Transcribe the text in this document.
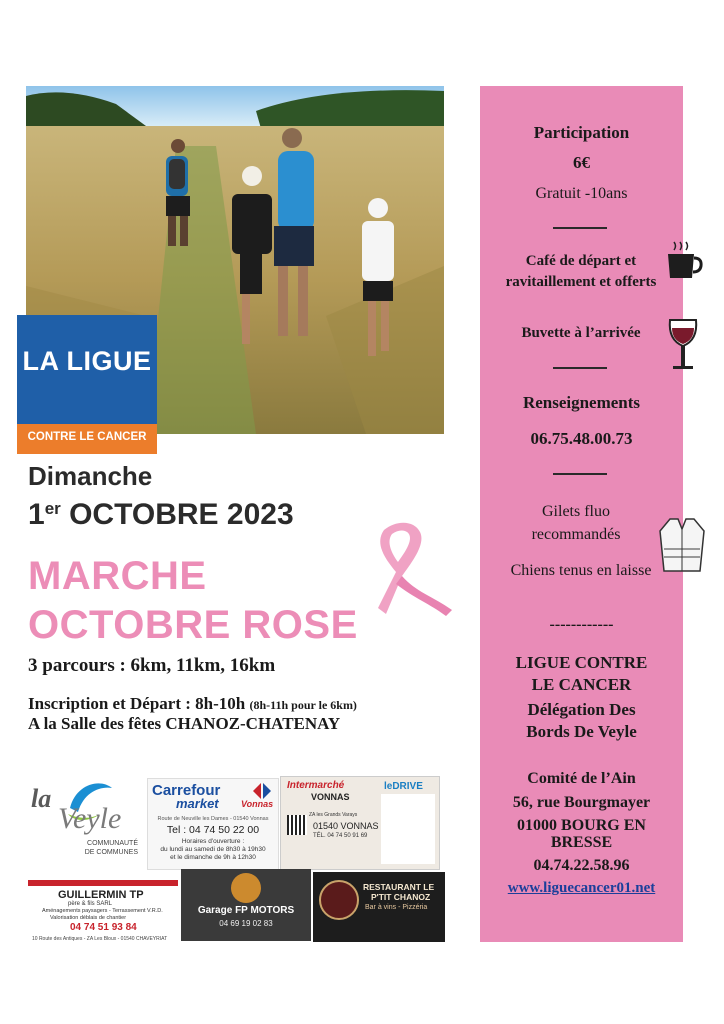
LA LIGUE
CONTRE LE CANCER
Dimanche
1er OCTOBRE 2023
MARCHE
OCTOBRE ROSE
3 parcours : 6km, 11km, 16km
Inscription et Départ : 8h-10h (8h-11h pour le 6km)
A la Salle des fêtes CHANOZ-CHATENAY
la
Veyle
COMMUNAUTÉ
DE COMMUNES
Carrefour
market Vonnas
Route de Neuville les Dames - 01540 Vonnas
Tel : 04 74 50 22 00
Horaires d'ouverture :
du lundi au samedi de 8h30 à 19h30
et le dimanche de 9h à 12h30
Intermarché
VONNAS
leDRIVE
ZA les Grands Varays
01540 VONNAS
TÉL. 04 74 50 91 69
GUILLERMIN TP
père & fils SARL
Aménagements paysagers - Terrassement V.R.D.
Valorisation déblais de chantier
04 74 51 93 84
10 Route des Antiques - ZA Les Bloux - 01540 CHAVEYRIAT
Garage FP MOTORS
04 69 19 02 83
RESTAURANT LE
P'TIT CHANOZ
Bar à vins - Pizzéria
Participation
6€
Gratuit -10ans
Café de départ et ravitaillement et offerts
Buvette à l’arrivée
Renseignements
06.75.48.00.73
Gilets fluo recommandés
Chiens tenus en laisse
------------
LIGUE CONTRE
LE CANCER
Délégation Des
Bords De Veyle
Comité de l’Ain
56, rue Bourgmayer
01000 BOURG EN
BRESSE
04.74.22.58.96
www.liguecancer01.net
